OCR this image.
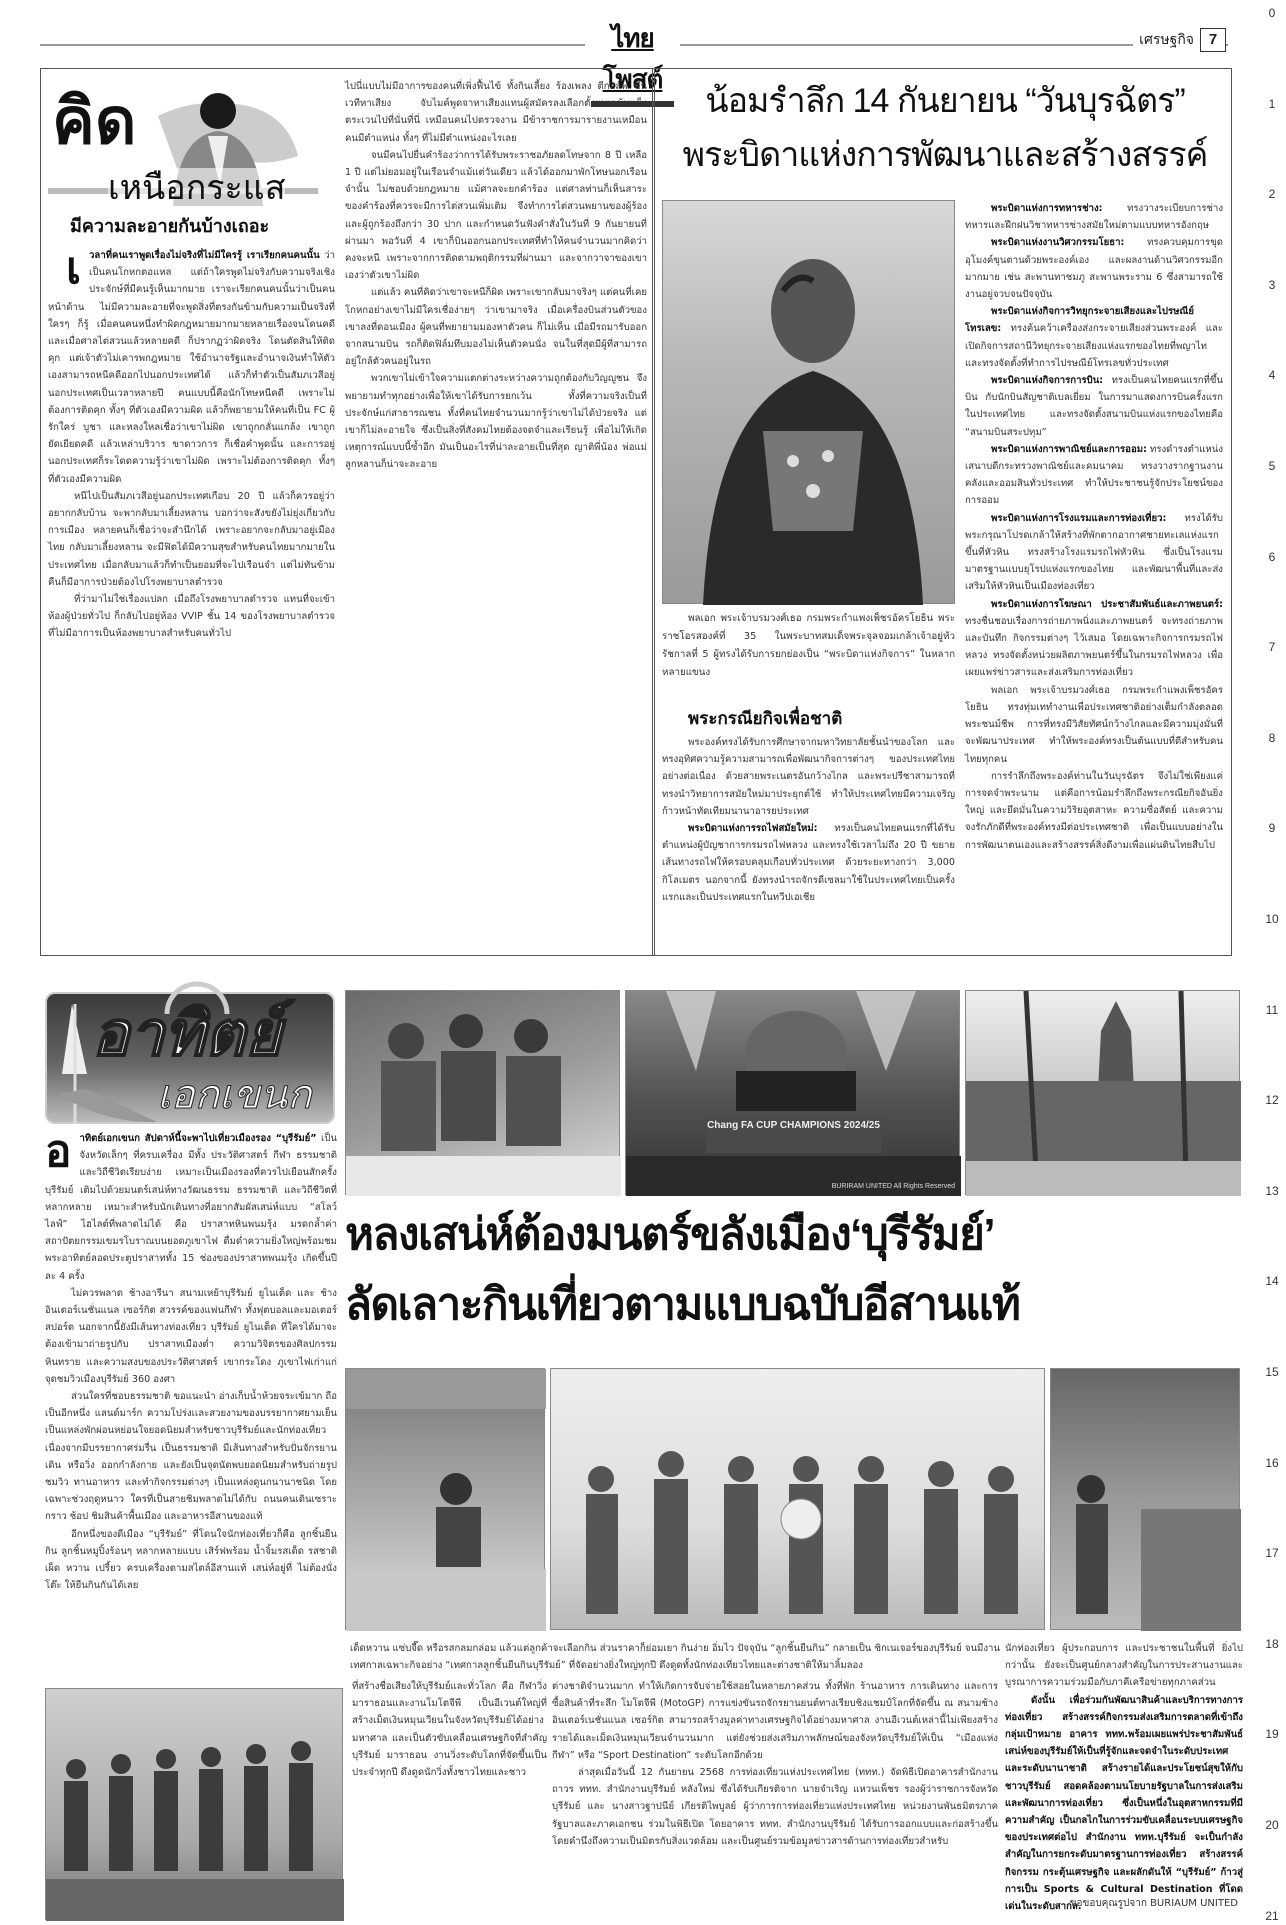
ไทยโพสต์
เศรษฐกิจ 7
0
1
2
3
4
5
6
7
8
9
10
11
12
13
14
15
16
17
18
19
20
21
คิด
เหนือกระแส
มีความละอายกันบ้างเถอะ
เ วลาที่คนเราพูดเรื่องไม่จริงที่ไม่มีใครรู้ เราเรียกคนคนนั้น ว่าเป็นคนโกหกตอแหล แต่ถ้าใครพูดไม่จริงกับความจริงเชิงประจักษ์ที่มีคนรู้เห็นมากมาย เราจะเรียกคนคนนั้นว่าเป็นคนหน้าด้าน ไม่มีความละอายที่จะพูดสิ่งที่ตรงกันข้ามกับความเป็นจริงที่ใครๆ ก็รู้ เมื่อคนคนหนึ่งทำผิดกฎหมายมากมายหลายเรื่องจนโดนคดี และเมื่อศาลไต่สวนแล้วหลายคดี ก็ปรากฏว่าผิดจริง โดนตัดสินให้ติดคุก แต่เจ้าตัวไม่เคารพกฎหมาย ใช้อำนาจรัฐและอำนาจเงินทำให้ตัวเองสามารถหนีคดีออกไปนอกประเทศได้ แล้วก็ทำตัวเป็นสัมภเวสีอยู่นอกประเทศเป็นเวลาหลายปี คนแบบนี้คือนักโทษหนีคดี เพราะไม่ต้องการติดคุก ทั้งๆ ที่ตัวเองมีความผิด แล้วก็พยายามให้คนที่เป็น FC ผู้รักใคร่ บูชา และหลงใหลเชื่อว่าเขาไม่ผิด เขาถูกกลั่นแกล้ง เขาถูกยัดเยียดคดี แล้วเหล่าบริวาร ขาดาวการ ก็เชื่อคำพูดนั้น และการอยู่นอกประเทศก็ระโดดความรู้ว่าเขาไม่ผิด เพราะไม่ต้องการติดคุก ทั้งๆ ที่ตัวเองมีความผิด

หนีไปเป็นสัมภเวสีอยู่นอกประเทศเกือบ 20 ปี แล้วก็ควรอยู่ว่าอยากกลับบ้าน จะพากลับมาเลี้ยงหลาน บอกว่าจะสังขยังไม่ยุ่งเกี่ยวกับการเมือง หลายคนก็เชื่อว่าจะสำนึกได้ เพราะอยากจะกลับมาอยู่เมืองไทย กลับมาเลี้ยงหลาน จะมีฟิตได้มีความสุขสำหรับคนไทยมากมายในประเทศไทย เมื่อกลับมาแล้วก็ทำเป็นยอมที่จะไปเรือนจำ แต่ไม่ทันข้ามคืนก็มีอาการป่วยต้องไปโรงพยาบาลตำรวจ

ที่ว่ามาไม่ใช่เรื่องแปลก เมื่อถึงโรงพยาบาลตำรวจ แทนที่จะเข้าห้องผู้ป่วยทั่วไป ก็กลับไปอยู่ห้อง VVIP ชั้น 14 ของโรงพยาบาลตำรวจที่ไม่มีอาการเป็นห้องพยาบาลสำหรับคนทั่วไป

ไปนี่แบบไม่มีอาการของคนที่เพิ่งฟื้นไข้ ทั้งกินเลี้ยง ร้องเพลง ตีกอล์ฟ ขึ้นเวทีหาเสียง จับไมค์พูดจาหาเสียงแทนผู้สมัครลงเลือกตั้งแบบเข้มแข็ง ตระเวนไปที่นั่นที่นี่ เหมือนคนไปตรวจงาน มีข้าราชการมารายงานเหมือนคนมีตำแหน่ง ทั้งๆ ที่ไม่มีตำแหน่งอะไรเลย

จนมีคนไปยื่นคำร้องว่าการได้รับพระราชอภัยลดโทษจาก 8 ปี เหลือ 1 ปี แต่ไม่ยอมอยู่ในเรือนจำแม้แต่วันเดียว แล้วได้ออกมาพักโทษนอกเรือนจำนั้น ไม่ชอบด้วยกฎหมาย แม้ศาลจะยกคำร้อง แต่ศาลท่านก็เห็นสาระของคำร้องที่ควรจะมีการไต่สวนเพิ่มเติม จึงทำการไต่สวนพยานของผู้ร้องและผู้ถูกร้องถึงกว่า 30 ปาก และกำหนดวันฟังคำสั่งในวันที่ 9 กันยายนที่ผ่านมา พอวันที่ 4 เขาก็บินออกนอกประเทศที่ทำให้คนจำนวนมากคิดว่าคงจะหนี เพราะจากการติดตามพฤติกรรมที่ผ่านมา และจากวาจาของเขาเองว่าตัวเขาไม่ผิด

แต่แล้ว คนที่คิดว่าเขาจะหนีก็ผิด เพราะเขากลับมาจริงๆ แต่คนที่เคยโกหกอย่างเขาไม่มีใครเชื่อง่ายๆ ว่าเขามาจริง เมื่อเครื่องบินส่วนตัวของเขาลงที่ดอนเมือง ผู้คนที่พยายามมองหาตัวคน ก็ไม่เห็น เมื่อมีรถมารับออกจากสนามบิน รถก็ติดฟิล์มทึบมองไม่เห็นตัวคนนั่ง จนในที่สุดมีผู้ที่สามารถอยู่ใกล้ตัวคนอยู่ในรถ

พวกเขาไม่เข้าใจความแตกต่างระหว่างความถูกต้องกับวิญญูชน จึงพยายามทำทุกอย่างเพื่อให้เขาได้รับการยกเว้น ทั้งที่ความจริงเป็นที่ประจักษ์แก่สาธารณชน ทั้งที่คนไทยจำนวนมากรู้ว่าเขาไม่ได้ป่วยจริง แต่เขาก็ไม่ละอายใจ ซึ่งเป็นสิ่งที่สังคมไทยต้องจดจำและเรียนรู้ เพื่อไม่ให้เกิดเหตุการณ์แบบนี้ซ้ำอีก มันเป็นอะไรที่น่าละอายเป็นที่สุด ญาติพี่น้อง พ่อแม่ ลูกหลานก็น่าจะละอาย

น้อมรำลึก 14 กันยายน “วันบุรฉัตร”
พระบิดาแห่งการพัฒนาและสร้างสรรค์
พลเอก พระเจ้าบรมวงศ์เธอ กรมพระกำแพงเพ็ชรอัครโยธิน พระราชโอรสองค์ที่ 35 ในพระบาทสมเด็จพระจุลจอมเกล้าเจ้าอยู่หัว รัชกาลที่ 5 ผู้ทรงได้รับการยกย่องเป็น “พระบิดาแห่งกิจการ” ในหลากหลายแขนง
พระกรณียกิจเพื่อชาติ

พระองค์ทรงได้รับการศึกษาจากมหาวิทยาลัยชั้นนำของโลก และทรงอุทิศความรู้ความสามารถเพื่อพัฒนากิจการต่างๆ ของประเทศไทยอย่างต่อเนื่อง ด้วยสายพระเนตรอันกว้างไกล และพระปรีชาสามารถที่ทรงนำวิทยาการสมัยใหม่มาประยุกต์ใช้ ทำให้ประเทศไทยมีความเจริญก้าวหน้าทัดเทียมนานาอารยประเทศ

พระบิดาแห่งการรถไฟสมัยใหม่: ทรงเป็นคนไทยคนแรกที่ได้รับตำแหน่งผู้บัญชาการกรมรถไฟหลวง และทรงใช้เวลาไม่ถึง 20 ปี ขยายเส้นทางรถไฟให้ครอบคลุมเกือบทั่วประเทศ ด้วยระยะทางกว่า 3,000 กิโลเมตร นอกจากนี้ ยังทรงนำรถจักรดีเซลมาใช้ในประเทศไทยเป็นครั้งแรกและเป็นประเทศแรกในทวีปเอเชีย

พระบิดาแห่งการทหารช่าง:	ทรงวางระเบียบการช่างทหารและฝึกฝนวิชาทหารช่างสมัยใหม่ตามแบบทหารอังกฤษ

พระบิดาแห่งงานวิศวกรรมโยธา: ทรงควบคุมการขุดอุโมงค์ขุนตานด้วยพระองค์เอง และผลงานด้านวิศวกรรมอีกมากมาย เช่น สะพานทาชมภู สะพานพระราม 6 ซึ่งสามารถใช้งานอยู่จวบจนปัจจุบัน

พระบิดาแห่งกิจการวิทยุกระจายเสียงและไปรษณีย์โทรเลข: ทรงค้นคว้าเครื่องส่งกระจายเสียงส่วนพระองค์ และเปิดกิจการสถานีวิทยุกระจายเสียงแห่งแรกของไทยที่พญาไท และทรงจัดตั้งที่ทำการไปรษณีย์โทรเลขทั่วประเทศ

พระบิดาแห่งกิจการการบิน: ทรงเป็นคนไทยคนแรกที่ขึ้นบิน กับนักบินสัญชาติเบลเยี่ยม ในการมาแสดงการบินครั้งแรกในประเทศไทย และทรงจัดตั้งสนามบินแห่งแรกของไทยคือ “สนามบินสระปทุม”

พระบิดาแห่งการพาณิชย์และการออม: ทรงดำรงตำแหน่งเสนาบดีกระทรวงพาณิชย์และคมนาคม ทรงวางรากฐานงานคลังและออมสินทั่วประเทศ ทำให้ประชาชนรู้จักประโยชน์ของการออม

พระบิดาแห่งการโรงแรมและการท่องเที่ยว: ทรงได้รับพระกรุณาโปรดเกล้าให้สร้างที่พักตากอากาศชายทะเลแห่งแรกขึ้นที่หัวหิน ทรงสร้างโรงแรมรถไฟหัวหิน ซึ่งเป็นโรงแรมมาตรฐานแบบยุโรปแห่งแรกของไทย และพัฒนาพื้นที่และส่งเสริมให้หัวหินเป็นเมืองท่องเที่ยว

พระบิดาแห่งการโฆษณา ประชาสัมพันธ์และภาพยนตร์: ทรงชื่นชอบเรื่องการถ่ายภาพนิ่งและภาพยนตร์ จะทรงถ่ายภาพและบันทึก กิจกรรมต่างๆ ไว้เสมอ โดยเฉพาะกิจการกรมรถไฟหลวง ทรงจัดตั้งหน่วยผลิตภาพยนตร์ขึ้นในกรมรถไฟหลวง เพื่อเผยแพร่ข่าวสารและส่งเสริมการท่องเที่ยว

พลเอก พระเจ้าบรมวงศ์เธอ กรมพระกำแพงเพ็ชรอัครโยธิน ทรงทุ่มเททำงานเพื่อประเทศชาติอย่างเต็มกำลังตลอดพระชนม์ชีพ การที่ทรงมีวิสัยทัศน์กว้างไกลและมีความมุ่งมั่นที่จะพัฒนาประเทศ ทำให้พระองค์ทรงเป็นต้นแบบที่ดีสำหรับคนไทยทุกคน

การรำลึกถึงพระองค์ท่านในวันบุรฉัตร จึงไม่ใช่เพียงแค่การจดจำพระนาม แต่คือการน้อมรำลึกถึงพระกรณียกิจอันยิ่งใหญ่ และยึดมั่นในความวิริยอุตสาหะ ความซื่อสัตย์ และความจงรักภักดีที่พระองค์ทรงมีต่อประเทศชาติ เพื่อเป็นแบบอย่างในการพัฒนาตนเองและสร้างสรรค์สิ่งดีงามเพื่อแผ่นดินไทยสืบไป

อาทิตย์
เอกเขนก
Chang FA CUP CHAMPIONS 2024/25
BURIRAM UNITED All Rights Reserved
หลงเสน่ห์ต้องมนตร์ขลังเมือง‘บุรีรัมย์’
ลัดเลาะกินเที่ยวตามแบบฉบับอีสานแท้
อ าทิตย์เอกเขนก สัปดาห์นี้จะพาไปเที่ยวเมืองรอง “บุรีรัมย์” เป็นจังหวัดเล็กๆ ที่ครบเครื่อง มีทั้ง ประวัติศาสตร์ กีฬา ธรรมชาติ และวิถีชีวิตเรียบง่าย เหมาะเป็นเมืองรองที่ควรไปเยือนสักครั้ง บุรีรัมย์ เติมไปด้วยมนตร์เสน่ห์ทางวัฒนธรรม ธรรมชาติ และวิถีชีวิตที่หลากหลาย เหมาะสำหรับนักเดินทางที่อยากสัมผัสเสน่ห์แบบ “สโลว์ไลฟ์” ไฮไลต์ที่พลาดไม่ได้ คือ ปราสาทหินพนมรุ้ง มรดกล้ำค่า สถาปัตยกรรมเขมรโบราณบนยอดภูเขาไฟ ดื่มด่ำความยิ่งใหญ่พร้อมชมพระอาทิตย์ลอดประตูปราสาททั้ง 15 ช่องของปราสาทพนมรุ้ง เกิดขึ้นปีละ 4 ครั้ง

ไม่ควรพลาด ช้างอารีนา สนามเหย้าบุรีรัมย์ ยูไนเต็ด และ ช้าง อินเตอร์เนชั่นแนล เซอร์กิต สวรรค์ของแฟนกีฬา ทั้งฟุตบอลและมอเตอร์สปอร์ต นอกจากนี้ยังมีเส้นทางท่องเที่ยว บุรีรัมย์ ยูไนเต็ด ที่ใครได้มาจะต้องเข้ามาถ่ายรูปกับ ปราสาทเมืองต่ำ ความวิจิตรของศิลปกรรมหินทราย และความสงบของประวัติศาสตร์ เขากระโดง ภูเขาไฟเก่าแก่ จุดชมวิวเมืองบุรีรัมย์ 360 องศา

ส่วนใครที่ชอบธรรมชาติ ขอแนะนำ อ่างเก็บน้ำห้วยจระเข้มาก ถือเป็นอีกหนึ่ง แลนด์มาร์ก ความโปร่งเเละสวยงามของบรรยากาศยามเย็น เป็นแหล่งพักผ่อนหย่อนใจยอดนิยมสำหรับชาวบุรีรัมย์และนักท่องเที่ยว เนื่องจากมีบรรยากาศร่มรื่น เป็นธรรมชาติ มีเส้นทางสำหรับปั่นจักรยาน เดิน หรือวิ่ง ออกกำลังกาย และยังเป็นจุดนัดพบยอดนิยมสำหรับถ่ายรูป ชมวิว ทานอาหาร และทำกิจกรรมต่างๆ เป็นแหล่งดูนกนานาชนิด โดยเฉพาะช่วงฤดูหนาว ใครที่เป็นสายชิมพลาดไม่ได้กับ ถนนคนเดินเซราะกราว ช้อป ชิมสินค้าพื้นเมือง และอาหารอีสานของแท้

อีกหนึ่งของดีเมือง “บุรีรัมย์” ที่โดนใจนักท่องเที่ยวก็คือ ลูกชิ้นยืนกิน ลูกชิ้นหมูปิ้งร้อนๆ หลากหลายแบบ เสิร์ฟพร้อม น้ำจิ้มรสเด็ด รสชาติเผ็ด หวาน เปรี้ยว ครบเครื่องตามสไตล์อีสานแท้ เสน่ห์อยู่ที่ ไม่ต้องนั่งโต๊ะ ให้ยืนกินกันได้เลย

เด็ดหวาน แซ่บจี๊ด หรือรสกลมกล่อม แล้วแต่ลูกค้าจะเลือกกิน ส่วนราคาก็ย่อมเยา กินง่าย อิ่มไว ปัจจุบัน “ลูกชิ้นยืนกิน” กลายเป็น ซิกเนเจอร์ของบุรีรัมย์ จนมีงานเทศกาลเฉพาะกิจอย่าง “เทศกาลลูกชิ้นยืนกินบุรีรัมย์” ที่จัดอย่างยิ่งใหญ่ทุกปี ดึงดูดทั้งนักท่องเที่ยวไทยและต่างชาติให้มาลิ้มลอง

ที่สร้างชื่อเสียงให้บุรีรัมย์และทั่วโลก คือ กีฬาวิ่งมาราธอนและงานโมโตจีพี เป็นอีเวนต์ใหญ่ที่สร้างเม็ดเงินหมุนเวียนในจังหวัดบุรีรัมย์ได้อย่างมหาศาล และเป็นตัวขับเคลื่อนเศรษฐกิจที่สำคัญ บุรีรัมย์ มาราธอน งานวิ่งระดับโลกที่จัดขึ้นเป็นประจำทุกปี ดึงดูดนักวิ่งทั้งชาวไทยและชาว

ต่างชาติจำนวนมาก ทำให้เกิดการจับจ่ายใช้สอยในหลายภาคส่วน ทั้งที่พัก ร้านอาหาร การเดินทาง และการซื้อสินค้าที่ระลึก โมโตจีพี (MotoGP) การแข่งขันรถจักรยานยนต์ทางเรียบชิงแชมป์โลกที่จัดขึ้น ณ สนามช้าง อินเตอร์เนชั่นแนล เซอร์กิต สามารถสร้างมูลค่าทางเศรษฐกิจได้อย่างมหาศาล งานอีเวนต์เหล่านี้ไม่เพียงสร้างรายได้และเม็ดเงินหมุนเวียนจำนวนมาก แต่ยังช่วยส่งเสริมภาพลักษณ์ของจังหวัดบุรีรัมย์ให้เป็น “เมืองแห่งกีฬา” หรือ “Sport Destination” ระดับโลกอีกด้วย

ล่าสุดเมื่อวันนี้ 12 กันยายน 2568 การท่องเที่ยวแห่งประเทศไทย (ททท.) จัดพิธีเปิดอาคารสำนักงานถาวร ททท. สำนักงานบุรีรัมย์ หลังใหม่ ซึ่งได้รับเกียรติจาก นายจำเริญ แหวนเพ็ชร รองผู้ว่าราชการจังหวัดบุรีรัมย์ และ นางสาวฐาปนีย์ เกียรติไพบูลย์ ผู้ว่าการการท่องเที่ยวแห่งประเทศไทย หน่วยงานพันธมิตรภาครัฐบาลและภาคเอกชน ร่วมในพิธีเปิด โดยอาคาร ททท. สำนักงานบุรีรัมย์ ได้รับการออกแบบและก่อสร้างขึ้นโดยคำนึงถึงความเป็นมิตรกับสิ่งแวดล้อม และเป็นศูนย์รวมข้อมูลข่าวสารด้านการท่องเที่ยวสำหรับ

นักท่องเที่ยว ผู้ประกอบการ และประชาชนในพื้นที่ ยิ่งไปกว่านั้น ยังจะเป็นศูนย์กลางสำคัญในการประสานงานและบูรณาการความร่วมมือกับภาคีเครือข่ายทุกภาคส่วน

ดังนั้น เพื่อร่วมกันพัฒนาสินค้าและบริการทางการท่องเที่ยว สร้างสรรค์กิจกรรมส่งเสริมการตลาดที่เข้าถึงกลุ่มเป้าหมาย อาคาร ททท.พร้อมเผยแพร่ประชาสัมพันธ์เสน่ห์ของบุรีรัมย์ให้เป็นที่รู้จักและจดจำในระดับประเทศและระดับนานาชาติ สร้างรายได้และประโยชน์สุขให้กับชาวบุรีรัมย์ สอดคล้องตามนโยบายรัฐบาลในการส่งเสริมและพัฒนาการท่องเที่ยว ซึ่งเป็นหนึ่งในอุตสาหกรรมที่มีความสำคัญ เป็นกลไกในการร่วมขับเคลื่อนระบบเศรษฐกิจของประเทศต่อไป สำนักงาน ททท.บุรีรัมย์ จะเป็นกำลังสำคัญในการยกระดับมาตรฐานการท่องเที่ยว สร้างสรรค์กิจกรรม กระตุ้นเศรษฐกิจ และผลักดันให้ “บุรีรัมย์” ก้าวสู่การเป็น Sports & Cultural Destination ที่โดดเด่นในระดับสากล.

ขอขอบคุณรูปจาก BURIAUM UNITED
